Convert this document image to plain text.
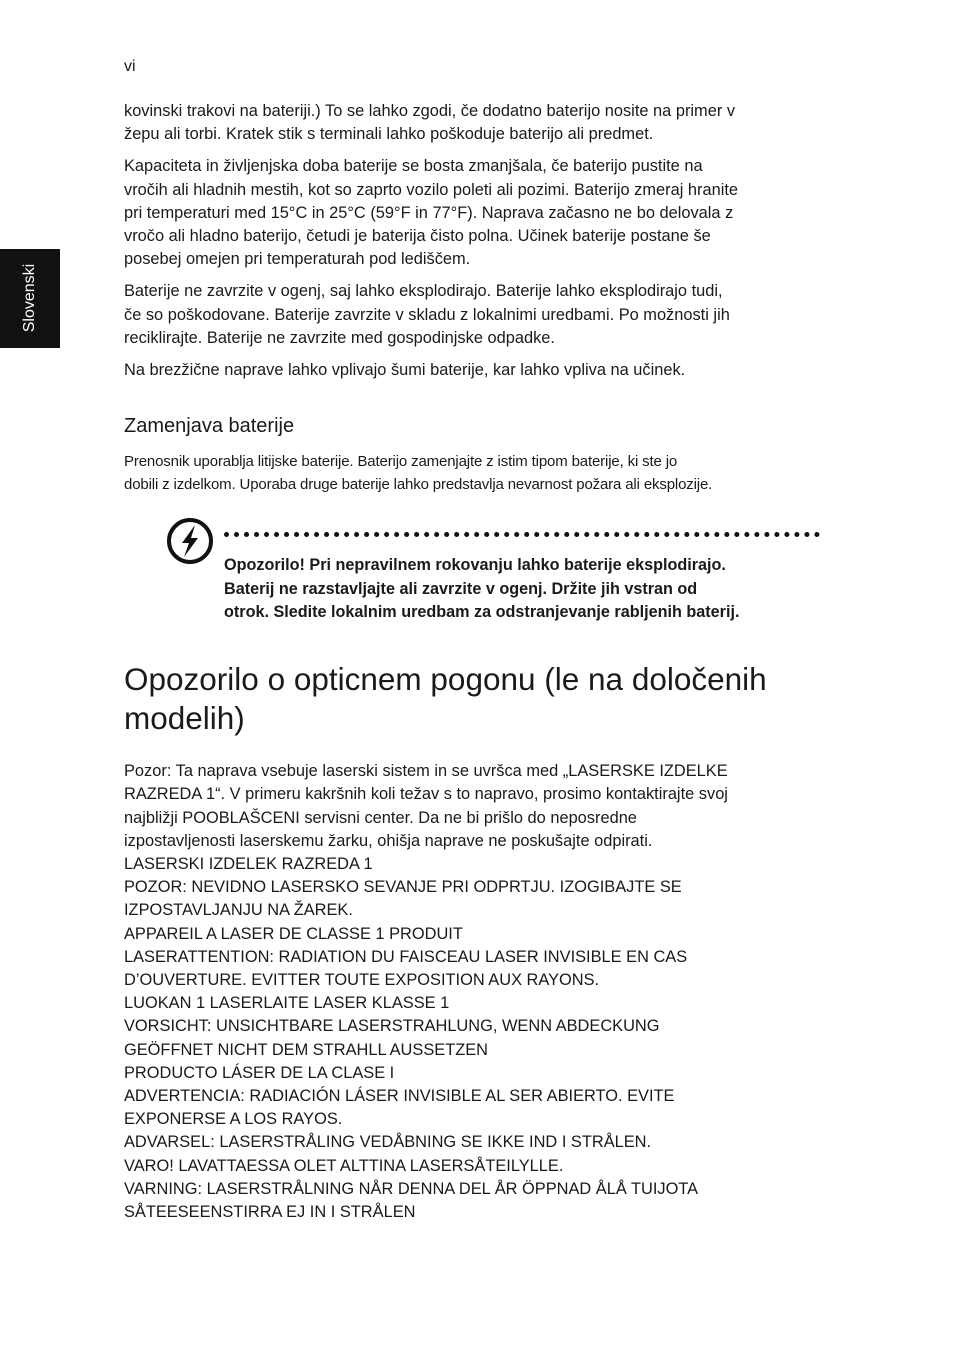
vi
Slovenski

kovinski trakovi na bateriji.) To se lahko zgodi, če dodatno baterijo nosite na primer v
žepu ali torbi. Kratek stik s terminali lahko poškoduje baterijo ali predmet.

Kapaciteta in življenjska doba baterije se bosta zmanjšala, če baterijo pustite na
vročih ali hladnih mestih, kot so zaprto vozilo poleti ali pozimi. Baterijo zmeraj hranite
pri temperaturi med 15°C in 25°C (59°F in 77°F). Naprava začasno ne bo delovala z
vročo ali hladno baterijo, četudi je baterija čisto polna. Učinek baterije postane še
posebej omejen pri temperaturah pod lediščem.

Baterije ne zavrzite v ogenj, saj lahko eksplodirajo. Baterije lahko eksplodirajo tudi,
če so poškodovane. Baterije zavrzite v skladu z lokalnimi uredbami. Po možnosti jih
reciklirajte. Baterije ne zavrzite med gospodinjske odpadke.

Na brezžične naprave lahko vplivajo šumi baterije, kar lahko vpliva na učinek.

Zamenjava baterije

Prenosnik uporablja litijske baterije. Baterijo zamenjajte z istim tipom baterije, ki ste jo
dobili z izdelkom. Uporaba druge baterije lahko predstavlja nevarnost požara ali eksplozije.

Opozorilo! Pri nepravilnem rokovanju lahko baterije eksplodirajo.
Baterij ne razstavljajte ali zavrzite v ogenj. Držite jih vstran od
otrok. Sledite lokalnim uredbam za odstranjevanje rabljenih baterij.
Opozorilo o opticnem pogonu (le na določenih
modelih)

Pozor: Ta naprava vsebuje laserski sistem in se uvršca med „LASERSKE IZDELKE
RAZREDA 1“. V primeru kakršnih koli težav s to napravo, prosimo kontaktirajte svoj
najbližji POOBLAŠCENI servisni center. Da ne bi prišlo do neposredne
izpostavljenosti laserskemu žarku, ohišja naprave ne poskušajte odpirati.

LASERSKI IZDELEK RAZREDA 1
POZOR: NEVIDNO LASERSKO SEVANJE PRI ODPRTJU. IZOGIBAJTE SE
IZPOSTAVLJANJU NA ŽAREK.

APPAREIL A LASER DE CLASSE 1 PRODUIT
LASERATTENTION: RADIATION DU FAISCEAU LASER INVISIBLE EN CAS
D’OUVERTURE. EVITTER TOUTE EXPOSITION AUX RAYONS.

LUOKAN 1 LASERLAITE LASER KLASSE 1
VORSICHT: UNSICHTBARE LASERSTRAHLUNG, WENN ABDECKUNG
GEÖFFNET NICHT DEM STRAHLL AUSSETZEN

PRODUCTO LÁSER DE LA CLASE I
ADVERTENCIA: RADIACIÓN LÁSER INVISIBLE AL SER ABIERTO. EVITE
EXPONERSE A LOS RAYOS.

ADVARSEL: LASERSTRÅLING VEDÅBNING SE IKKE IND I STRÅLEN.

VARO! LAVATTAESSA OLET ALTTINA LASERSÅTEILYLLE.
VARNING: LASERSTRÅLNING NÅR DENNA DEL ÅR ÖPPNAD ÅLÅ TUIJOTA
SÅTEESEENSTIRRA EJ IN I STRÅLEN
